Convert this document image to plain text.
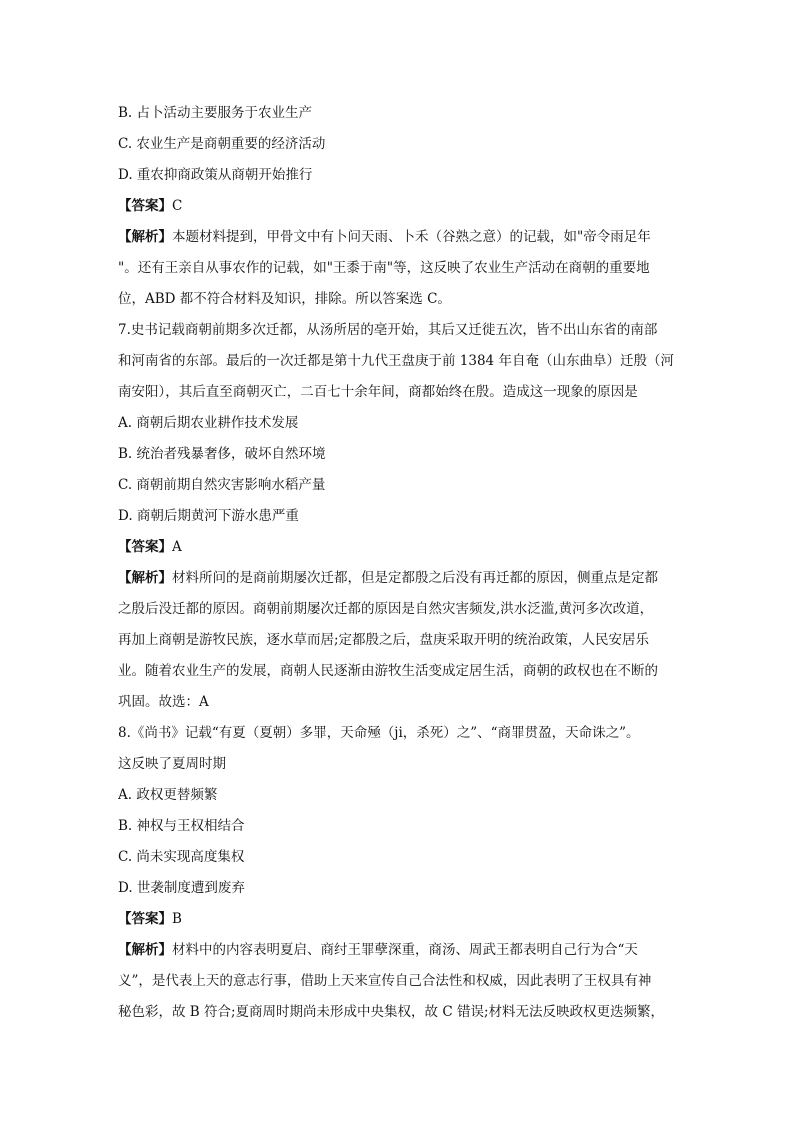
B. 占卜活动主要服务于农业生产
C. 农业生产是商朝重要的经济活动
D. 重农抑商政策从商朝开始推行
【答案】C
【解析】本题材料提到，甲骨文中有卜问天雨、卜禾（谷熟之意）的记载，如"帝令雨足年
"。还有王亲自从事农作的记载，如"王黍于南"等，这反映了农业生产活动在商朝的重要地
位，ABD 都不符合材料及知识，排除。所以答案选 C。
7.史书记载商朝前期多次迁都，从汤所居的亳开始，其后又迁徙五次，皆不出山东省的南部
和河南省的东部。最后的一次迁都是第十九代王盘庚于前 1384 年自奄（山东曲阜）迁殷（河
南安阳），其后直至商朝灭亡，二百七十余年间，商都始终在殷。造成这一现象的原因是
A. 商朝后期农业耕作技术发展
B. 统治者残暴奢侈，破坏自然环境
C. 商朝前期自然灾害影响水稻产量
D. 商朝后期黄河下游水患严重
【答案】A
【解析】材料所问的是商前期屡次迁都，但是定都殷之后没有再迁都的原因，侧重点是定都
之殷后没迁都的原因。商朝前期屡次迁都的原因是自然灾害频发,洪水泛滥,黄河多次改道，
再加上商朝是游牧民族，逐水草而居;定都殷之后，盘庚采取开明的统治政策，人民安居乐
业。随着农业生产的发展，商朝人民逐渐由游牧生活变成定居生活，商朝的政权也在不断的
巩固。故选：A
8.《尚书》记载“有夏（夏朝）多罪，天命殛（ji，杀死）之”、“商罪贯盈，天命诛之”。
这反映了夏周时期
A. 政权更替频繁
B. 神权与王权相结合
C. 尚未实现高度集权
D. 世袭制度遭到废弃
【答案】B
【解析】材料中的内容表明夏启、商纣王罪孽深重，商汤、周武王都表明自己行为合“天
义”，是代表上天的意志行事，借助上天来宣传自己合法性和权威，因此表明了王权具有神
秘色彩，故 B 符合;夏商周时期尚未形成中央集权，故 C 错误;材料无法反映政权更迭频繁，
